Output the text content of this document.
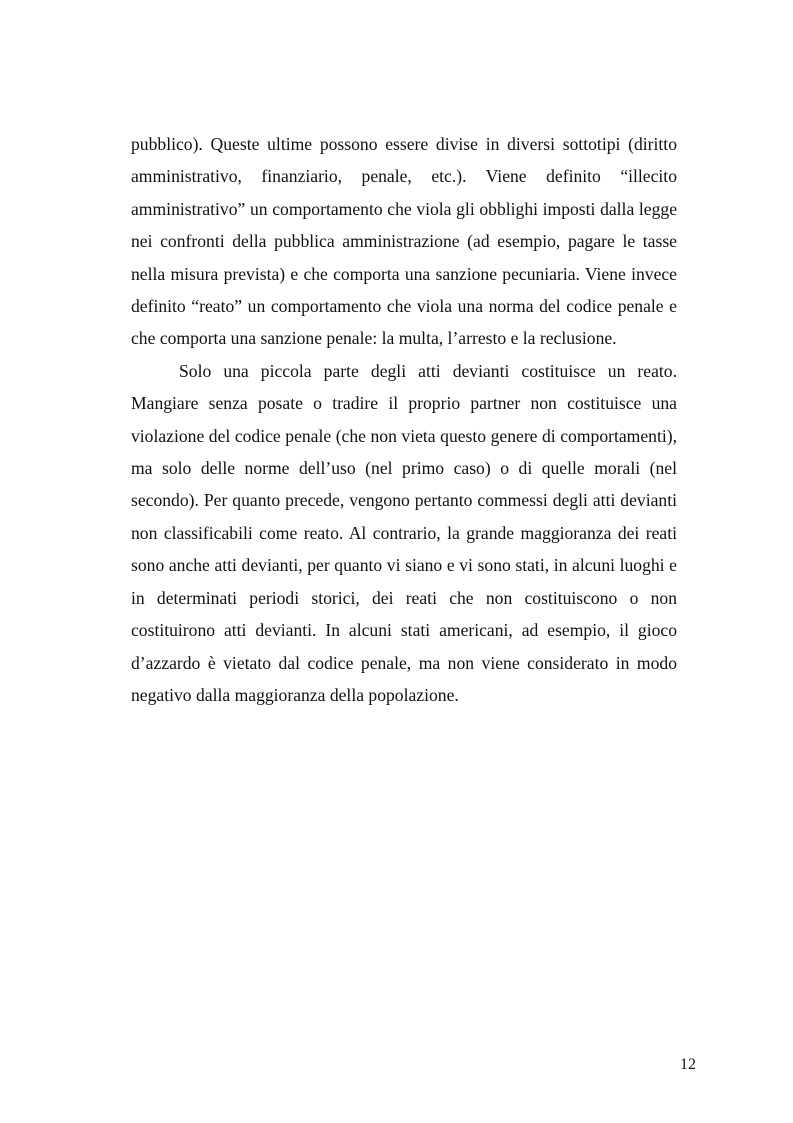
pubblico). Queste ultime possono essere divise in diversi sottotipi (diritto amministrativo, finanziario, penale, etc.). Viene definito “illecito amministrativo” un comportamento che viola gli obblighi imposti dalla legge nei confronti della pubblica amministrazione (ad esempio, pagare le tasse nella misura prevista) e che comporta una sanzione pecuniaria. Viene invece definito “reato” un comportamento che viola una norma del codice penale e che comporta una sanzione penale: la multa, l’arresto e la reclusione.

Solo una piccola parte degli atti devianti costituisce un reato. Mangiare senza posate o tradire il proprio partner non costituisce una violazione del codice penale (che non vieta questo genere di comportamenti), ma solo delle norme dell’uso (nel primo caso) o di quelle morali (nel secondo). Per quanto precede, vengono pertanto commessi degli atti devianti non classificabili come reato. Al contrario, la grande maggioranza dei reati sono anche atti devianti, per quanto vi siano e vi sono stati, in alcuni luoghi e in determinati periodi storici, dei reati che non costituiscono o non costituirono atti devianti. In alcuni stati americani, ad esempio, il gioco d’azzardo è vietato dal codice penale, ma non viene considerato in modo negativo dalla maggioranza della popolazione.

12
